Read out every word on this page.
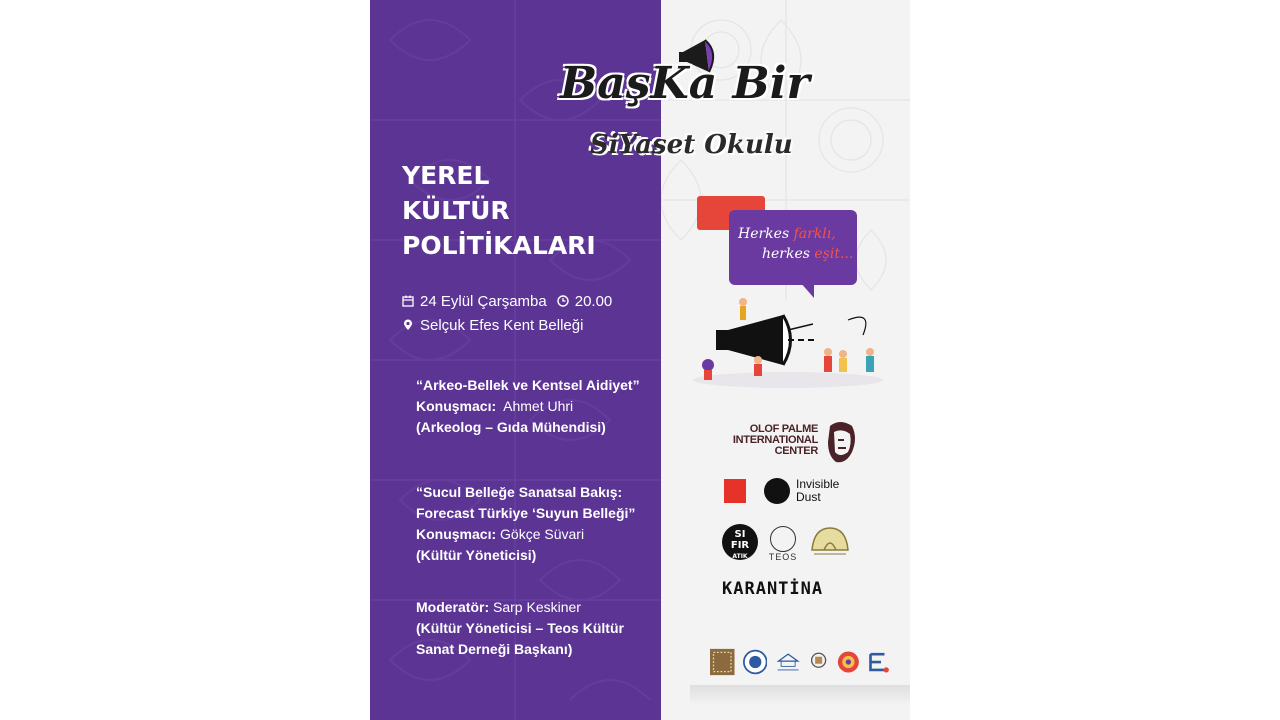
YEREL
KÜLTÜR
POLİTİKALARI
24 Eylül Çarşamba 20.00
Selçuk Efes Kent Belleği
“Arkeo-Bellek ve Kentsel Aidiyet”
Konuşmacı: Ahmet Uhri
(Arkeolog – Gıda Mühendisi)
“Sucul Belleğe Sanatsal Bakış:
Forecast Türkiye ‘Suyun Belleği”
Konuşmacı: Gökçe Süvari
(Kültür Yöneticisi)
Moderatör: Sarp Keskiner
(Kültür Yöneticisi – Teos Kültür
Sanat Derneği Başkanı)
BaşKa Bir
SiYaset Okulu
Herkes farklı,
herkes eşit...
OLOF PALME
INTERNATIONAL
CENTER
Invisible
Dust
SI
FIR
ATIK	TEOS
KARANTİNA
